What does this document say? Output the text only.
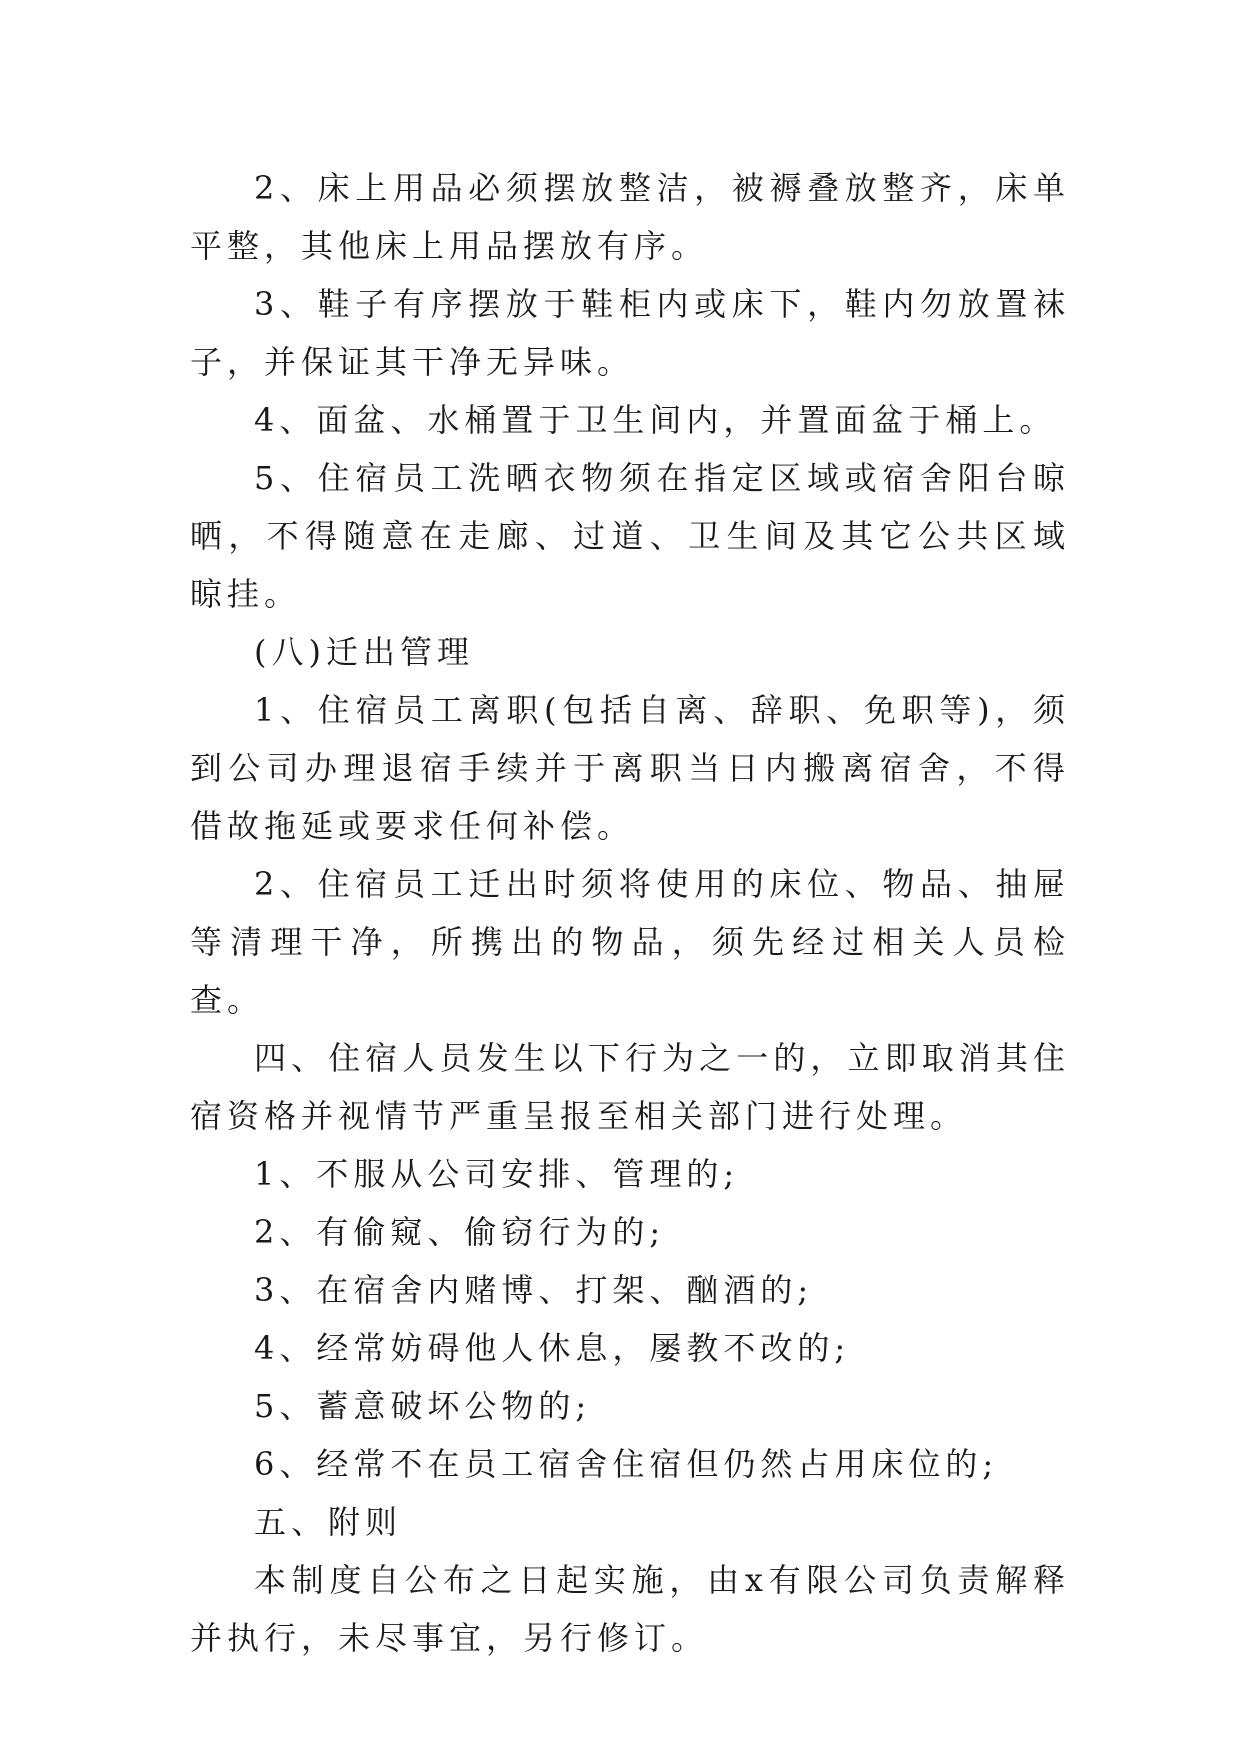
2、床上用品必须摆放整洁，被褥叠放整齐，床单平整，其他床上用品摆放有序。

3、鞋子有序摆放于鞋柜内或床下，鞋内勿放置袜子，并保证其干净无异味。

4、面盆、水桶置于卫生间内，并置面盆于桶上。

5、住宿员工洗晒衣物须在指定区域或宿舍阳台晾晒，不得随意在走廊、过道、卫生间及其它公共区域晾挂。

(八)迁出管理

1、住宿员工离职(包括自离、辞职、免职等)，须到公司办理退宿手续并于离职当日内搬离宿舍，不得借故拖延或要求任何补偿。

2、住宿员工迁出时须将使用的床位、物品、抽屉等清理干净，所携出的物品，须先经过相关人员检查。

四、住宿人员发生以下行为之一的，立即取消其住宿资格并视情节严重呈报至相关部门进行处理。

1、不服从公司安排、管理的;

2、有偷窥、偷窃行为的;

3、在宿舍内赌博、打架、酗酒的;

4、经常妨碍他人休息，屡教不改的;

5、蓄意破坏公物的;

6、经常不在员工宿舍住宿但仍然占用床位的;

五、附则

本制度自公布之日起实施，由x有限公司负责解释并执行，未尽事宜，另行修订。
